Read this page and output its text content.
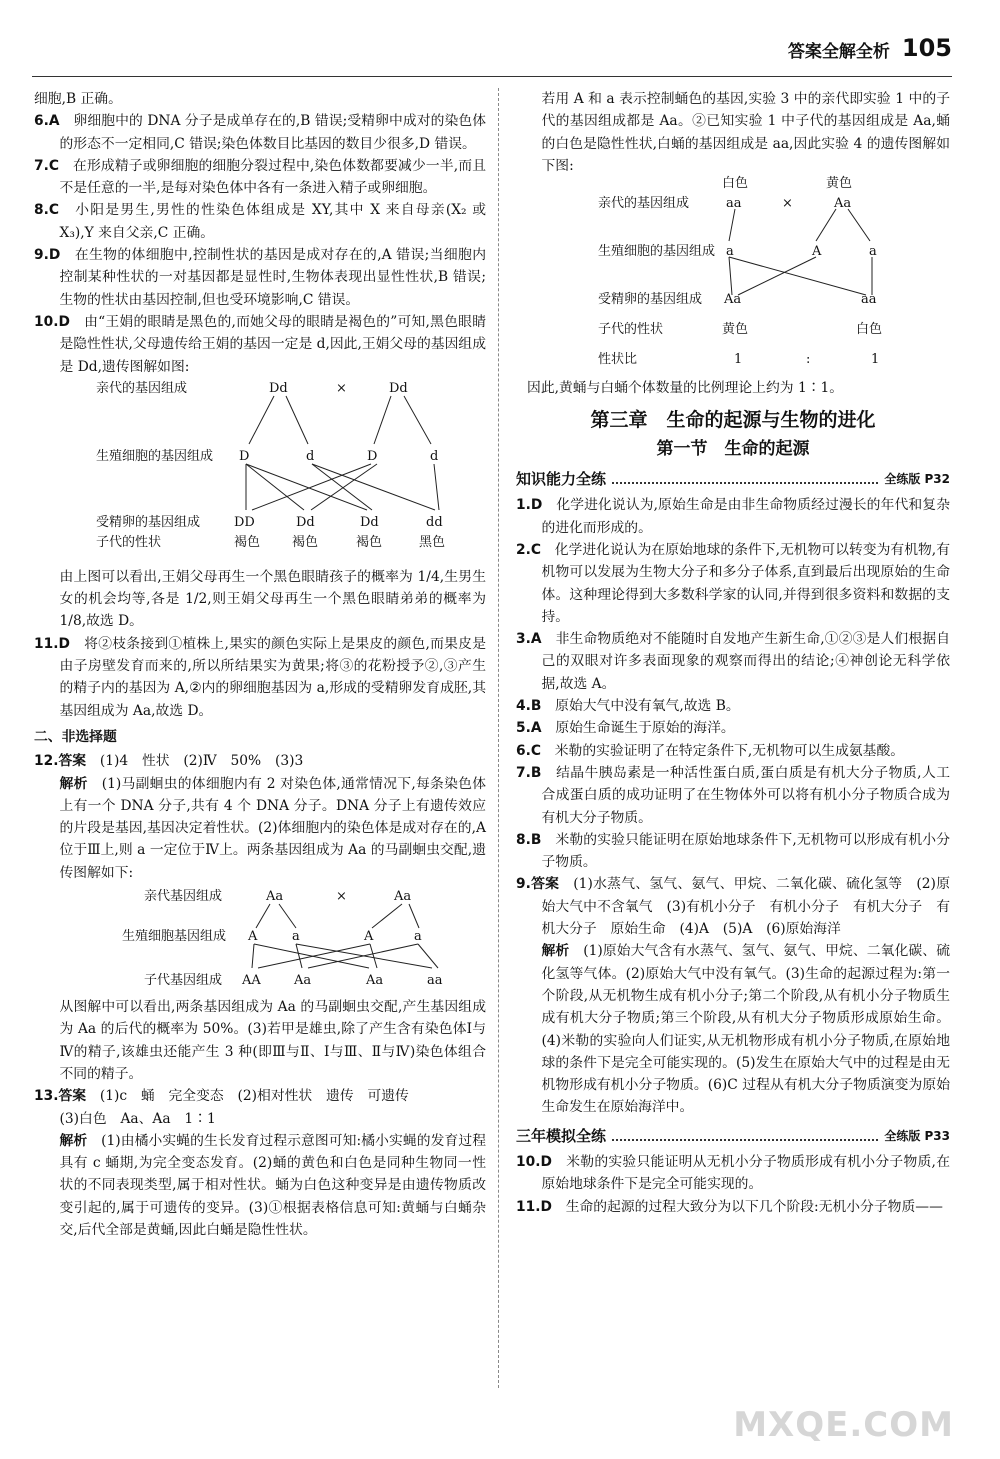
答案全解全析 105

细胞,B 正确。

6.A　 卵细胞中的 DNA 分子是成单存在的,B 错误;受精卵中成对的染色体的形态不一定相同,C 错误;染色体数目比基因的数目少很多,D 错误。

7.C　 在形成精子或卵细胞的细胞分裂过程中,染色体数都要减少一半,而且不是任意的一半,是每对染色体中各有一条进入精子或卵细胞。

8.C　 小阳是男生,男性的性染色体组成是 XY,其中 X 来自母亲(X₂ 或 X₃),Y 来自父亲,C 正确。

9.D　 在生物的体细胞中,控制性状的基因是成对存在的,A 错误;当细胞内控制某种性状的一对基因都是显性时,生物体表现出显性性状,B 错误;生物的性状由基因控制,但也受环境影响,C 错误。

10.D　 由“王娟的眼睛是黑色的,而她父母的眼睛是褐色的”可知,黑色眼睛是隐性性状,父母遗传给王娟的基因一定是 d,因此,王娟父母的基因组成是 Dd,遗传图解如图:

亲代的基因组成	Dd	×	Dd
生殖细胞的基因组成 D	d	D	d
受精卵的基因组成	DD	Dd	Dd	dd
子代的性状	褐色 褐色	褐色	黑色

由上图可以看出,王娟父母再生一个黑色眼睛孩子的概率为 1/4,生男生女的机会均等,各是 1/2,则王娟父母再生一个黑色眼睛弟弟的概率为 1/8,故选 D。

11.D　 将②枝条接到①植株上,果实的颜色实际上是果皮的颜色,而果皮是由子房壁发育而来的,所以所结果实为黄果;将③的花粉授予②,③产生的精子内的基因为 A,②内的卵细胞基因为 a,形成的受精卵发育成胚,其基因组成为 Aa,故选 D。

二、非选择题

12.答案　 (1)4　性状　(2)Ⅳ　50%　(3)3

解析　 (1)马副蛔虫的体细胞内有 2 对染色体,通常情况下,每条染色体上有一个 DNA 分子,共有 4 个 DNA 分子。DNA 分子上有遗传效应的片段是基因,基因决定着性状。(2)体细胞内的染色体是成对存在的,A 位于Ⅲ上,则 a 一定位于Ⅳ上。两条基因组成为 Aa 的马副蛔虫交配,遗传图解如下:

亲代基因组成	Aa	×	Aa
生殖细胞基因组成 A	a	A	a
子代基因组成 AA	Aa	Aa	aa

从图解中可以看出,两条基因组成为 Aa 的马副蛔虫交配,产生基因组成为 Aa 的后代的概率为 50%。(3)若甲是雄虫,除了产生含有染色体Ⅰ与Ⅳ的精子,该雄虫还能产生 3 种(即Ⅲ与Ⅱ、Ⅰ与Ⅲ、Ⅱ与Ⅳ)染色体组合不同的精子。

13.答案　 (1)c　蛹　完全变态　(2)相对性状　遗传　可遗传
(3)白色　Aa、Aa　1∶1

解析　 (1)由橘小实蝇的生长发育过程示意图可知:橘小实蝇的发育过程具有 c 蛹期,为完全变态发育。(2)蛹的黄色和白色是同种生物同一性状的不同表现类型,属于相对性状。蛹为白色这种变异是由遗传物质改变引起的,属于可遗传的变异。(3)①根据表格信息可知:黄蛹与白蛹杂交,后代全部是黄蛹,因此白蛹是隐性性状。

若用 A 和 a 表示控制蛹色的基因,实验 3 中的亲代即实验 1 中的子代的基因组成都是 Aa。②已知实验 1 中子代的基因组成是 Aa,蛹的白色是隐性性状,白蛹的基因组成是 aa,因此实验 4 的遗传图解如下图:

白色	黄色
亲代的基因组成	aa	×	Aa
生殖细胞的基因组成 a	A	a
受精卵的基因组成 Aa	aa
子代的性状	黄色	白色
性状比	1	:	1

因此,黄蛹与白蛹个体数量的比例理论上约为 1∶1。

第三章　生命的起源与生物的进化
第一节　生命的起源
知识能力全练	全练版 P32

1.D　 化学进化说认为,原始生命是由非生命物质经过漫长的年代和复杂的进化而形成的。

2.C　 化学进化说认为在原始地球的条件下,无机物可以转变为有机物,有机物可以发展为生物大分子和多分子体系,直到最后出现原始的生命体。这种理论得到大多数科学家的认同,并得到很多资料和数据的支持。

3.A　 非生命物质绝对不能随时自发地产生新生命,①②③是人们根据自己的双眼对许多表面现象的观察而得出的结论;④神创论无科学依据,故选 A。

4.B　 原始大气中没有氧气,故选 B。

5.A　 原始生命诞生于原始的海洋。

6.C　 米勒的实验证明了在特定条件下,无机物可以生成氨基酸。

7.B　 结晶牛胰岛素是一种活性蛋白质,蛋白质是有机大分子物质,人工合成蛋白质的成功证明了在生物体外可以将有机小分子物质合成为有机大分子物质。

8.B　 米勒的实验只能证明在原始地球条件下,无机物可以形成有机小分子物质。

9.答案　 (1)水蒸气、氢气、氨气、甲烷、二氧化碳、硫化氢等　(2)原始大气中不含氧气　(3)有机小分子　有机小分子　有机大分子　有机大分子　原始生命　(4)A　(5)A　(6)原始海洋

解析　 (1)原始大气含有水蒸气、氢气、氨气、甲烷、二氧化碳、硫化氢等气体。(2)原始大气中没有氧气。(3)生命的起源过程为:第一个阶段,从无机物生成有机小分子;第二个阶段,从有机小分子物质生成有机大分子物质;第三个阶段,从有机大分子物质形成原始生命。(4)米勒的实验向人们证实,从无机物形成有机小分子物质,在原始地球的条件下是完全可能实现的。(5)发生在原始大气中的过程是由无机物形成有机小分子物质。(6)C 过程从有机大分子物质演变为原始生命发生在原始海洋中。

三年模拟全练	全练版 P33

10.D　 米勒的实验只能证明从无机小分子物质形成有机小分子物质,在原始地球条件下是完全可能实现的。

11.D　 生命的起源的过程大致分为以下几个阶段:无机小分子物质——

MXQE.COM
